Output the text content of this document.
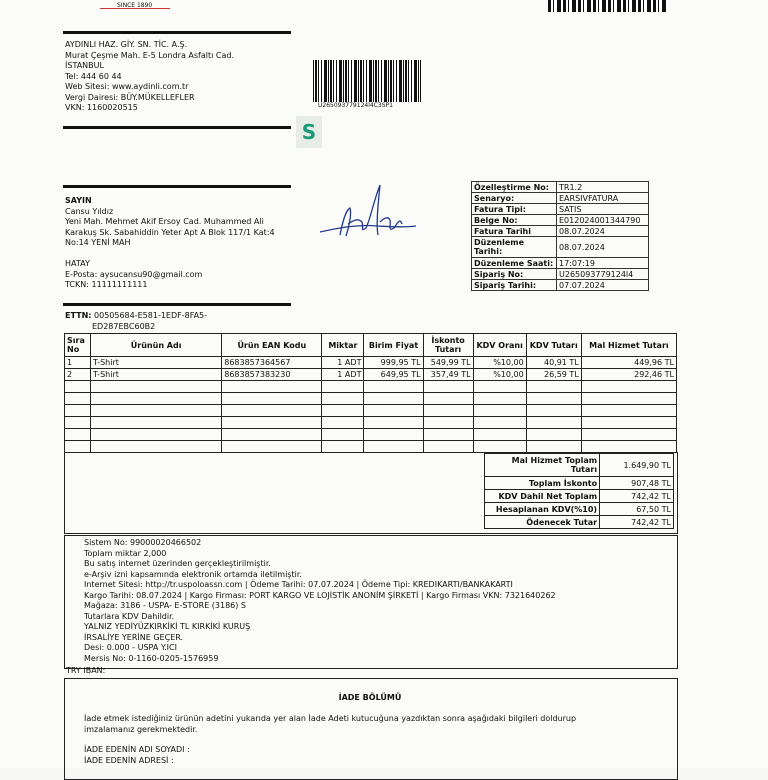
SINCE 1890
AYDINLI HAZ. GİY. SN. TİC. A.Ş.
Murat Çeşme Mah. E-5 Londra Asfaltı Cad.
İSTANBUL
Tel: 444 60 44
Web Sitesi: www.aydinli.com.tr
Vergi Dairesi: BÜY.MÜKELLEFLER
VKN: 1160020515	U265093779124l4C3SP1
S
SAYIN
Cansu Yıldız
Yeni Mah. Mehmet Akif Ersoy Cad. Muhammed Ali
Karakuş Sk. Sabahiddin Yeter Apt A Blok 117/1 Kat:4
No:14 YENİ MAH
HATAY
E-Posta: aysucansu90@gmail.com
TCKN: 11111111111
Özelleştirme No:	TR1.2
Senaryo:	EARSIVFATURA
Fatura Tipi:	SATIS
Belge No:	E012024001344790
Fatura Tarihi	08.07.2024
Düzenleme Tarihi:	08.07.2024
Düzenleme Saati:	17:07:19
Sipariş No:	U265093779124l4
Sipariş Tarihi:	07.07.2024
ETTN: 00505684-E581-1EDF-8FA5-
ED287EBC60B2
Sıra No	Ürünün Adı	Ürün EAN Kodu	Miktar	Birim Fiyat	İskonto Tutarı	KDV Oranı	KDV Tutarı	Mal Hizmet Tutarı
1	T-Shirt	8683857364567	1 ADT	999,95 TL	549,99 TL	%10,00	40,91 TL	449,96 TL
2	T-Shirt	8683857383230	1 ADT	649,95 TL	357,49 TL	%10,00	26,59 TL	292,46 TL

Mal Hizmet Toplam Tutarı	1.649,90 TL
Toplam İskonto	907,48 TL
KDV Dahil Net Toplam	742,42 TL
Hesaplanan KDV(%10)	67,50 TL
Ödenecek Tutar	742,42 TL
Sistem No: 99000020466502
Toplam miktar 2,000
Bu satış internet üzerinden gerçekleştirilmiştir.
e-Arşiv izni kapsamında elektronik ortamda iletilmiştir.
Internet Sitesi: http://tr.uspoloassn.com | Ödeme Tarihi: 07.07.2024 | Ödeme Tipi: KREDIKARTI/BANKAKARTI
Kargo Tarihi: 08.07.2024 | Kargo Firması: PORT KARGO VE LOJİSTİK ANONİM ŞİRKETİ | Kargo Firması VKN: 7321640262
Mağaza: 3186 - USPA- E-STORE (3186) S
Tutarlara KDV Dahildir.
YALNIZ YEDİYÜZKIRKİKİ TL KIRKİKİ KURUŞ
İRSALİYE YERİNE GEÇER.
Desi: 0.000 - USPA Y.ICI
Mersis No: 0-1160-0205-1576959
TRY IBAN:
İADE BÖLÜMÜ
İade etmek istediğiniz ürünün adetini yukarıda yer alan İade Adeti kutucuğuna yazdıktan sonra aşağıdaki bilgileri doldurup
imzalamanız gerekmektedir.
İADE EDENİN ADI SOYADI :
İADE EDENİN ADRESİ :
